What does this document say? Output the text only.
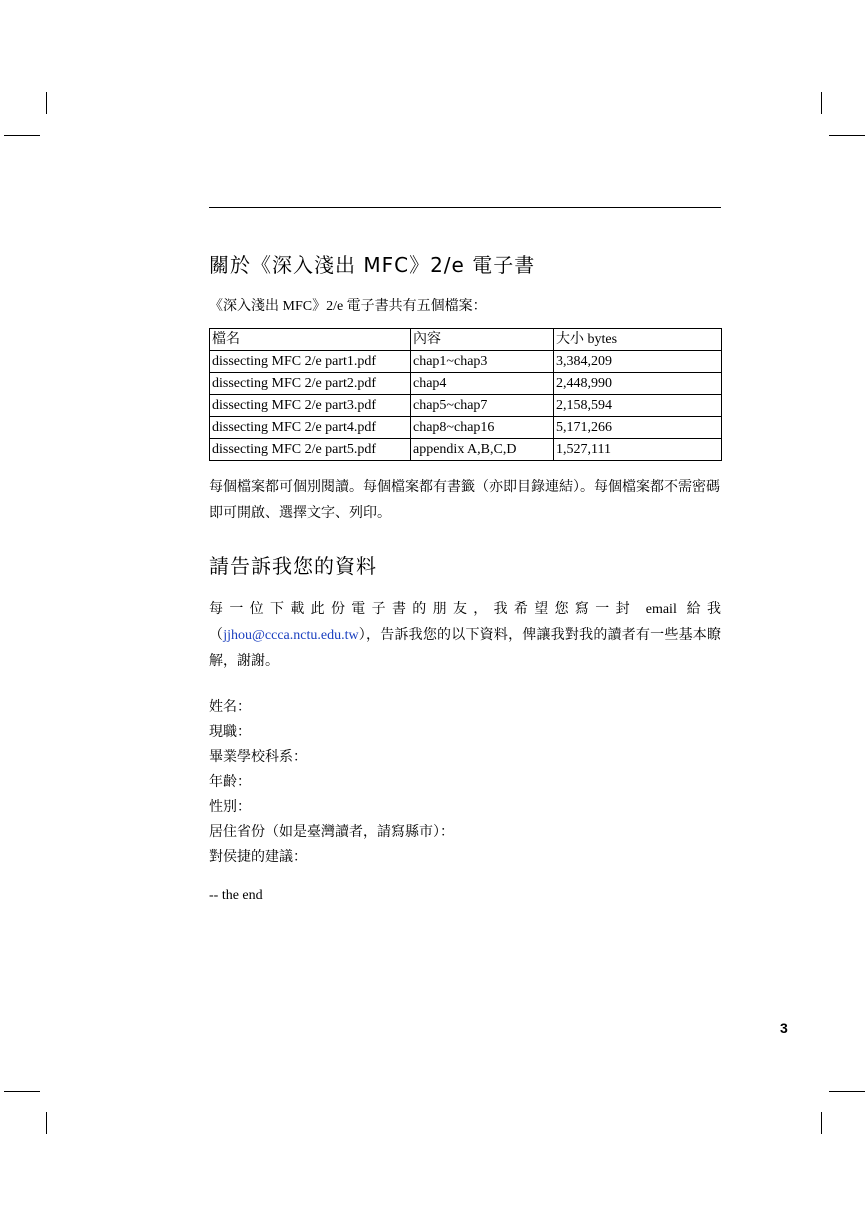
關於《深入淺出 MFC》2/e 電子書

《深入淺出 MFC》2/e 電子書共有五個檔案：

檔名	內容	大小 bytes
dissecting MFC 2/e part1.pdf	chap1~chap3	3,384,209
dissecting MFC 2/e part2.pdf	chap4	2,448,990
dissecting MFC 2/e part3.pdf	chap5~chap7	2,158,594
dissecting MFC 2/e part4.pdf	chap8~chap16	5,171,266
dissecting MFC 2/e part5.pdf	appendix A,B,C,D	1,527,111

每個檔案都可個別閱讀。每個檔案都有書籤（亦即目錄連結）。每個檔案都不需密碼即可開啟、選擇文字、列印。

請告訴我您的資料

每一位下載此份電子書的朋友，我希望您寫一封 email 給我（jjhou@ccca.nctu.edu.tw），告訴我您的以下資料，俾讓我對我的讀者有一些基本瞭解，謝謝。

姓名：
現職：
畢業學校科系：
年齡：
性別：
居住省份（如是臺灣讀者，請寫縣市）：
對侯捷的建議：
-- the end
3
